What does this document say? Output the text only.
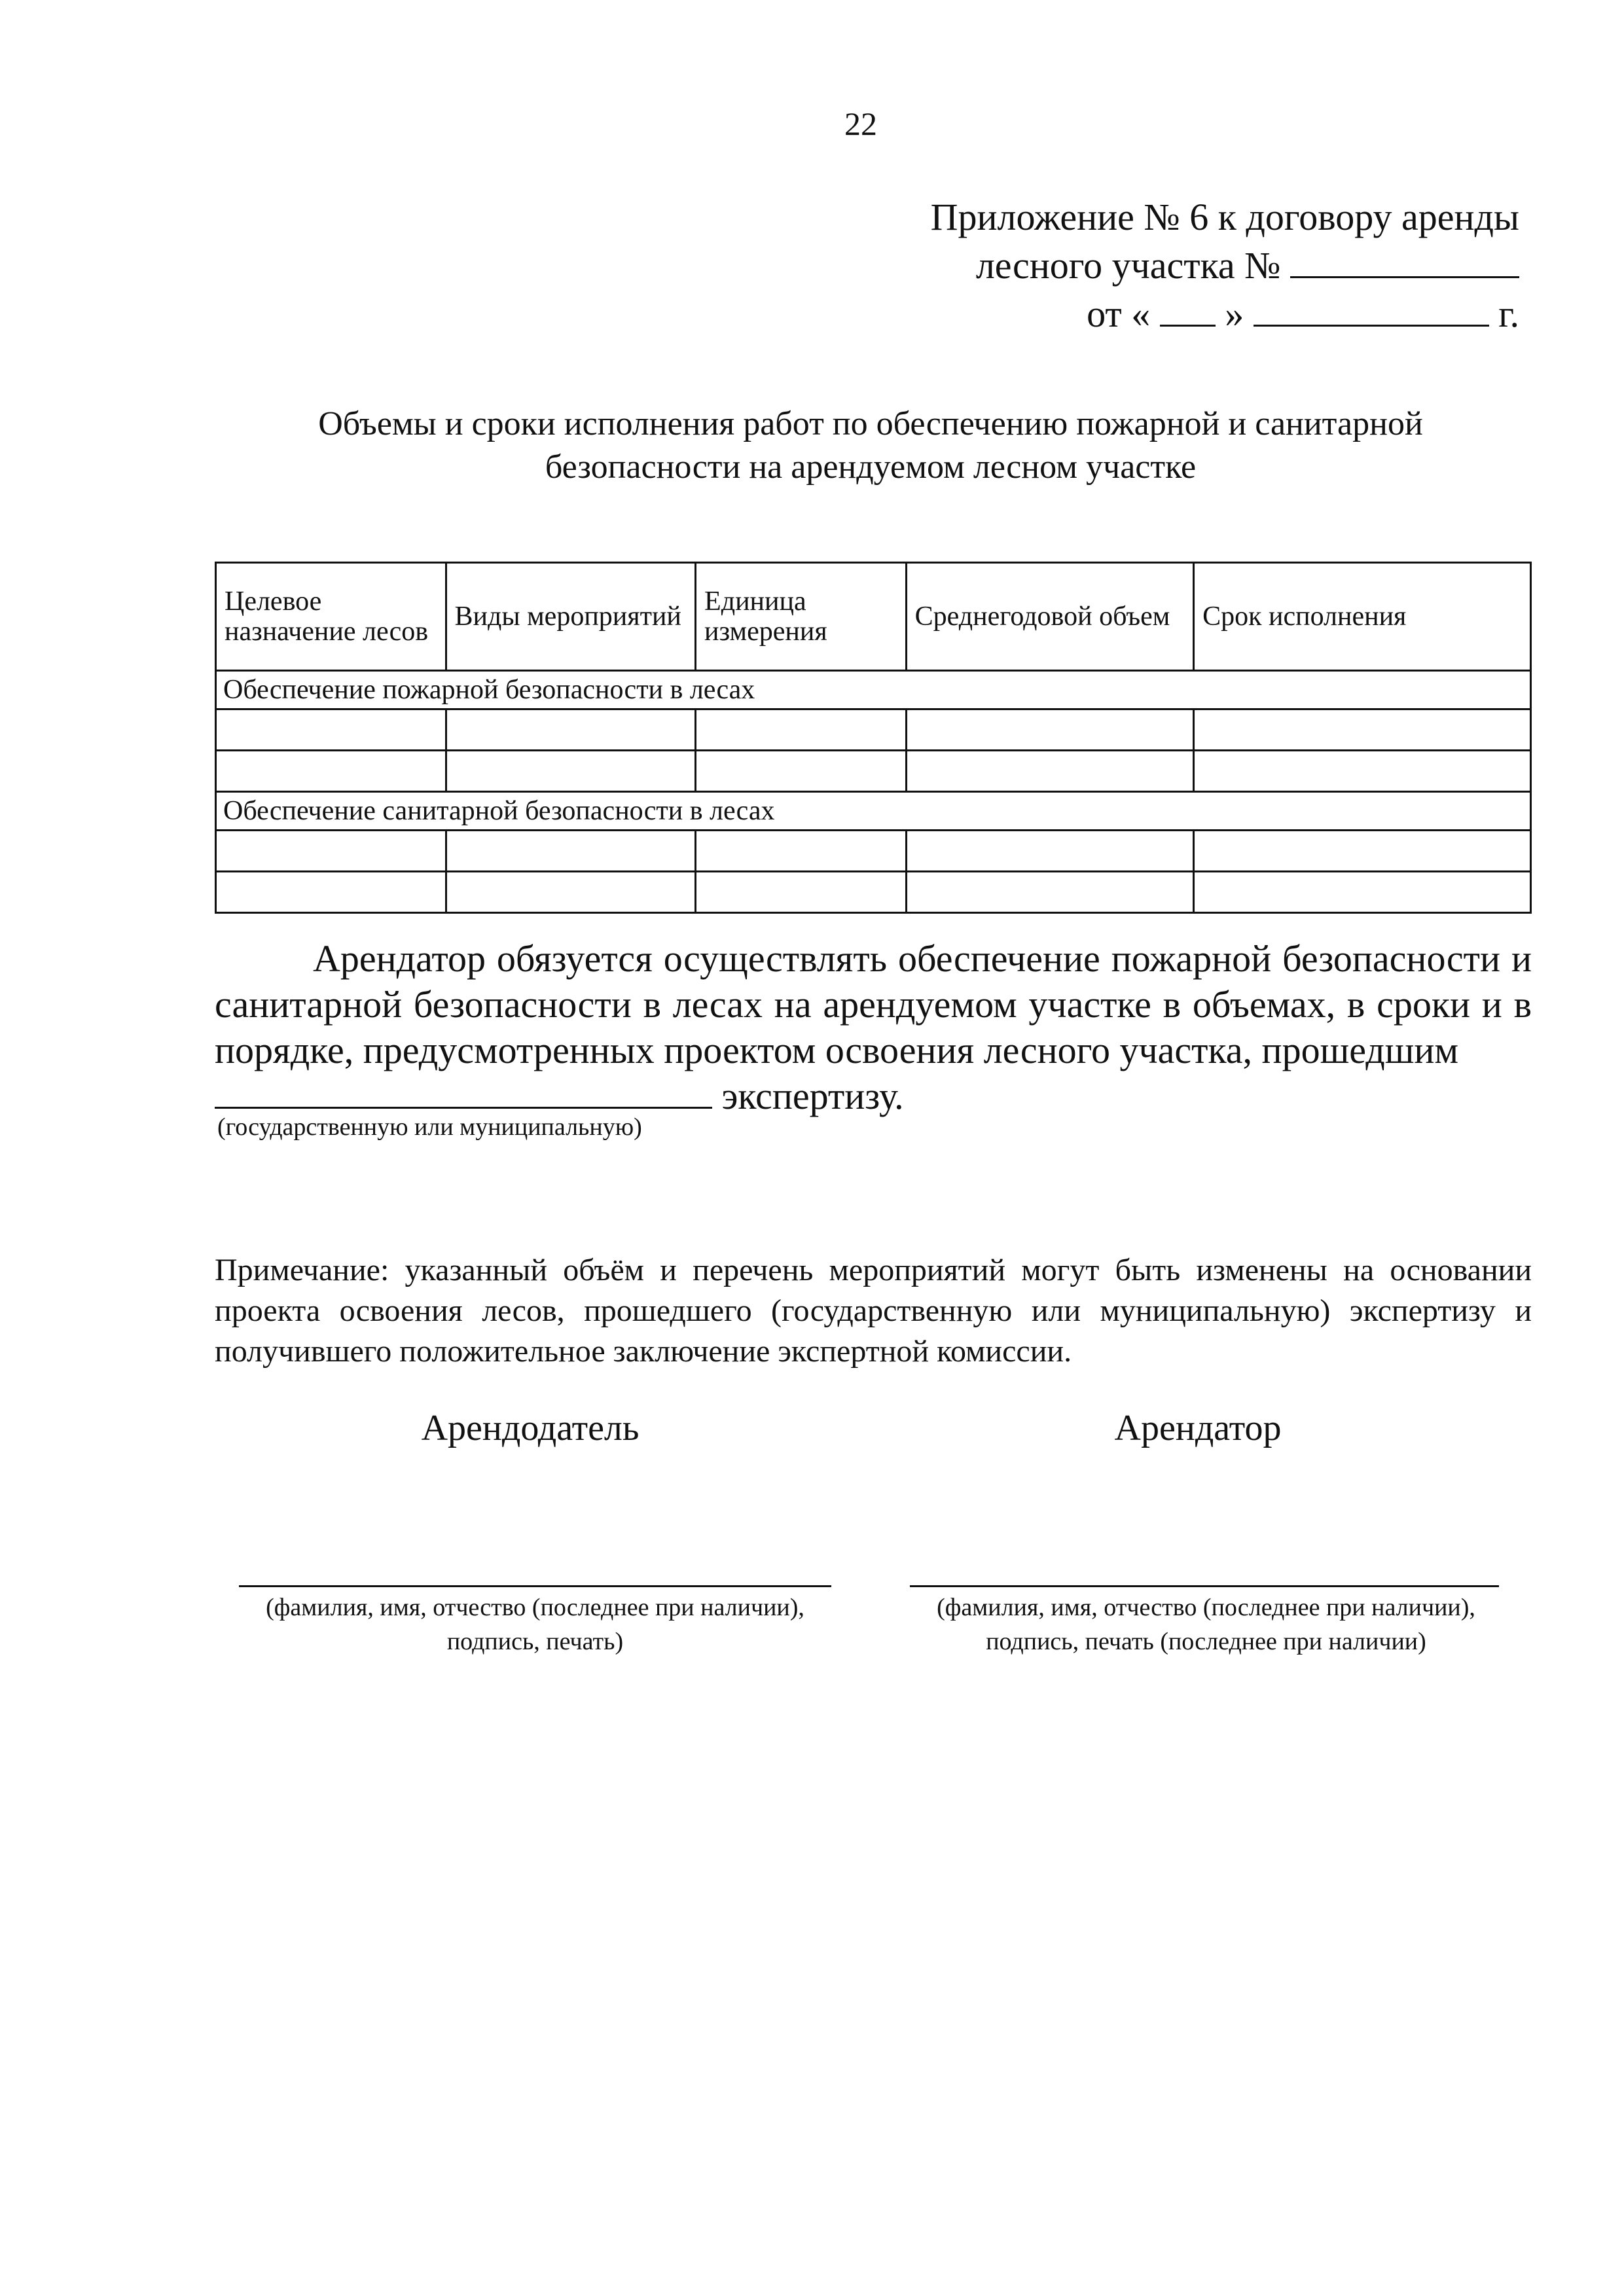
22
Приложение № 6 к договору аренды
лесного участка №
от « »	г.
Объемы и сроки исполнения работ по обеспечению пожарной и санитарной
безопасности на арендуемом лесном участке
Целевое назначение лесов	Виды мероприятий	Единица измерения	Среднегодовой объем	Срок исполнения
Обеспечение пожарной безопасности в лесах				

Обеспечение санитарной безопасности в лесах				

Арендатор обязуется осуществлять обеспечение пожарной безопасности и санитарной безопасности в лесах на арендуемом участке в объемах, в сроки и в порядке, предусмотренных проектом освоения лесного участка, прошедшим

экспертизу.
(государственную или муниципальную)
Примечание: указанный объём и перечень мероприятий могут быть изменены на основании проекта освоения лесов, прошедшего (государственную или муниципальную) экспертизу и получившего положительное заключение экспертной комиссии.
Арендодатель	Арендатор
(фамилия, имя, отчество (последнее при наличии),
подпись, печать)
(фамилия, имя, отчество (последнее при наличии),
подпись, печать (последнее при наличии)
